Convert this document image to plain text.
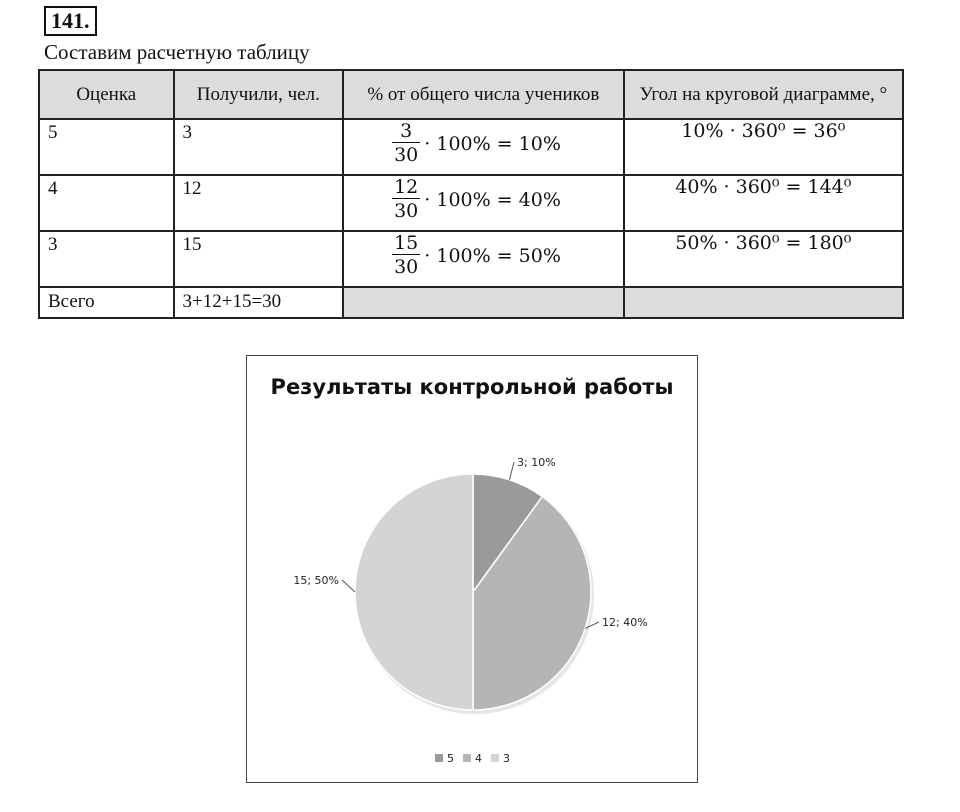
141.
Составим расчетную таблицу
Оценка	Получили, чел.	% от общего числа учеников	Угол на круговой диаграмме, °
5	3	$\frac{3}{30} \cdot 100\% = 10\%$	10% · 360⁰ = 36⁰
4	12	$\frac{12}{30} \cdot 100\% = 40\%$	40% · 360⁰ = 144⁰
3	15	$\frac{15}{30} \cdot 100\% = 50\%$	50% · 360⁰ = 180⁰
Всего	3+12+15=30		
Результаты контрольной работы
3; 10%
12; 40%
15; 50%
5 4 3
